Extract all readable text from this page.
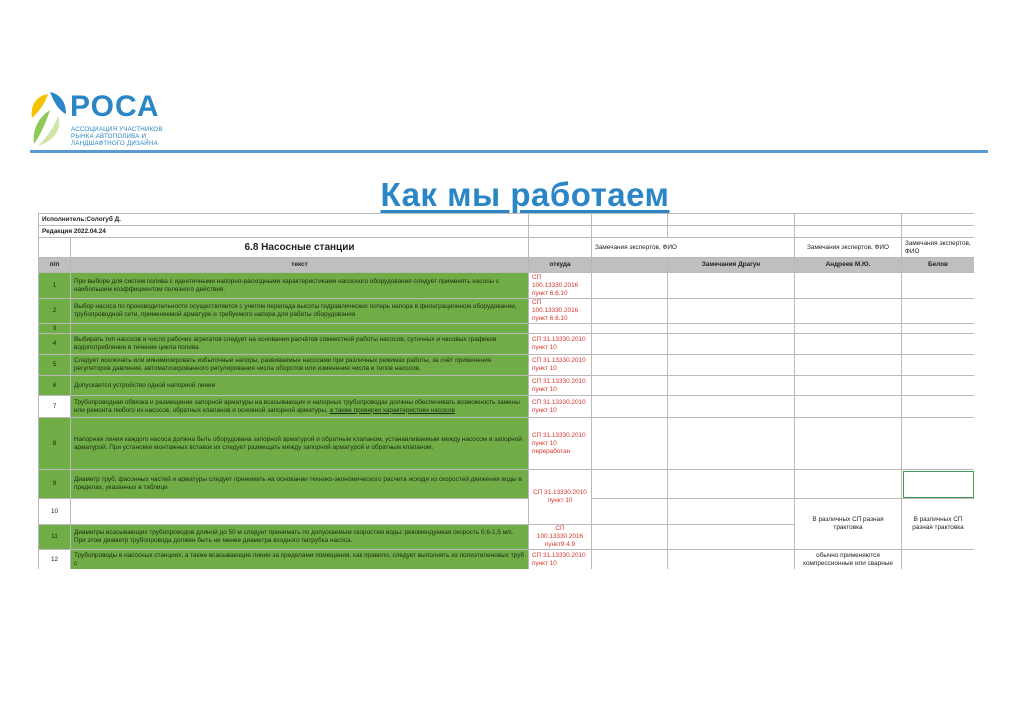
РОСА
АССОЦИАЦИЯ УЧАСТНИКОВ
РЫНКА АВТОПОЛИВА И
ЛАНДШАФТНОГО ДИЗАЙНА
Как мы работаем
Исполнитель:Сологуб Д.						
Редакция 2022.04.24						
	6.8 Насосные станции		Замечания экспертов, ФИО		Замечания экспертов, ФИО	Замечания экспертов, ФИО
п/п	текст	откуда		Замечания Драгун	Андреев М.Ю.	Белов
1	При выборе для систем полива с идентичными напорно-расходными характеристиками насосного оборудования следует применять насосы с наибольшим коэффициентом полезного действия.	СП 100.13330.2016 пункт 6.6.10				
2	Выбор насоса по производительности осуществляется с учетом перепада высоты гидравлических потерь напора в фильтрационном оборудовании, трубопроводной сети, применяемой арматуре и требуемого напора для работы оборудования	СП 100.13330.2016 пункт 6.6.10				
3						
4	Выбирать тип насосов и число рабочих агрегатов следует на основании расчётов совместной работы насосов, суточных и часовых графиков водопотребления в течение цикла полива	СП 31.13330.2010 пункт 10				
5	Следует исключать или минимизировать избыточные напоры, развиваемые насосами при различных режимах работы, за счёт применения регуляторов давления, автоматизированного регулирования числа оборотов или изменения числа и типов насосов,	СП 31.13330.2010 пункт 10				
6	Допускается устройство одной напорной линии	СП 31.13330.2010 пункт 10				
7	Трубопроводная обвязка и размещение запорной арматуры на всасывающих и напорных трубопроводах должны обеспечивать возможность замены или ремонта любого из насосов, обратных клапанов и основной запорной арматуры, а также проверки характеристики насосов	СП 31.13330.2010 пункт 10				
8	Напорная линия каждого насоса должна быть оборудована запорной арматурой и обратным клапаном, устанавливаемым между насосом и запорной арматурой. При установке монтажных вставок их следует размещать между запорной арматурой и обратным клапаном.	СП 31.13330.2010 пункт 10 переработан				
9	Диаметр труб, фасонных частей и арматуры следует принимать на основании технико-экономического расчета исходя из скоростей движения воды в пределах, указанных в таблице	СП 31.13330.2010 пункт 10				
10					В различных СП разная трактовка	В различных СП разная трактовка
11	Диаметры всасывающих трубопроводов длиной до 50 м следует принимать по допускаемым скоростям воды: рекомендуемая скорость 0,6-1,5 м/с. При этом диаметр трубопровода должен быть не менее диаметра входного патрубка насоса.	СП 100.13330.2016 пункт9.4.9				
12	Трубопроводы в насосных станциях, а также всасывающие линии за пределами помещения, как правило, следует выполнять из полиэтиленовых труб с	СП 31.13330.2010 пункт 10			обычно применяются компрессионные или сварные	
